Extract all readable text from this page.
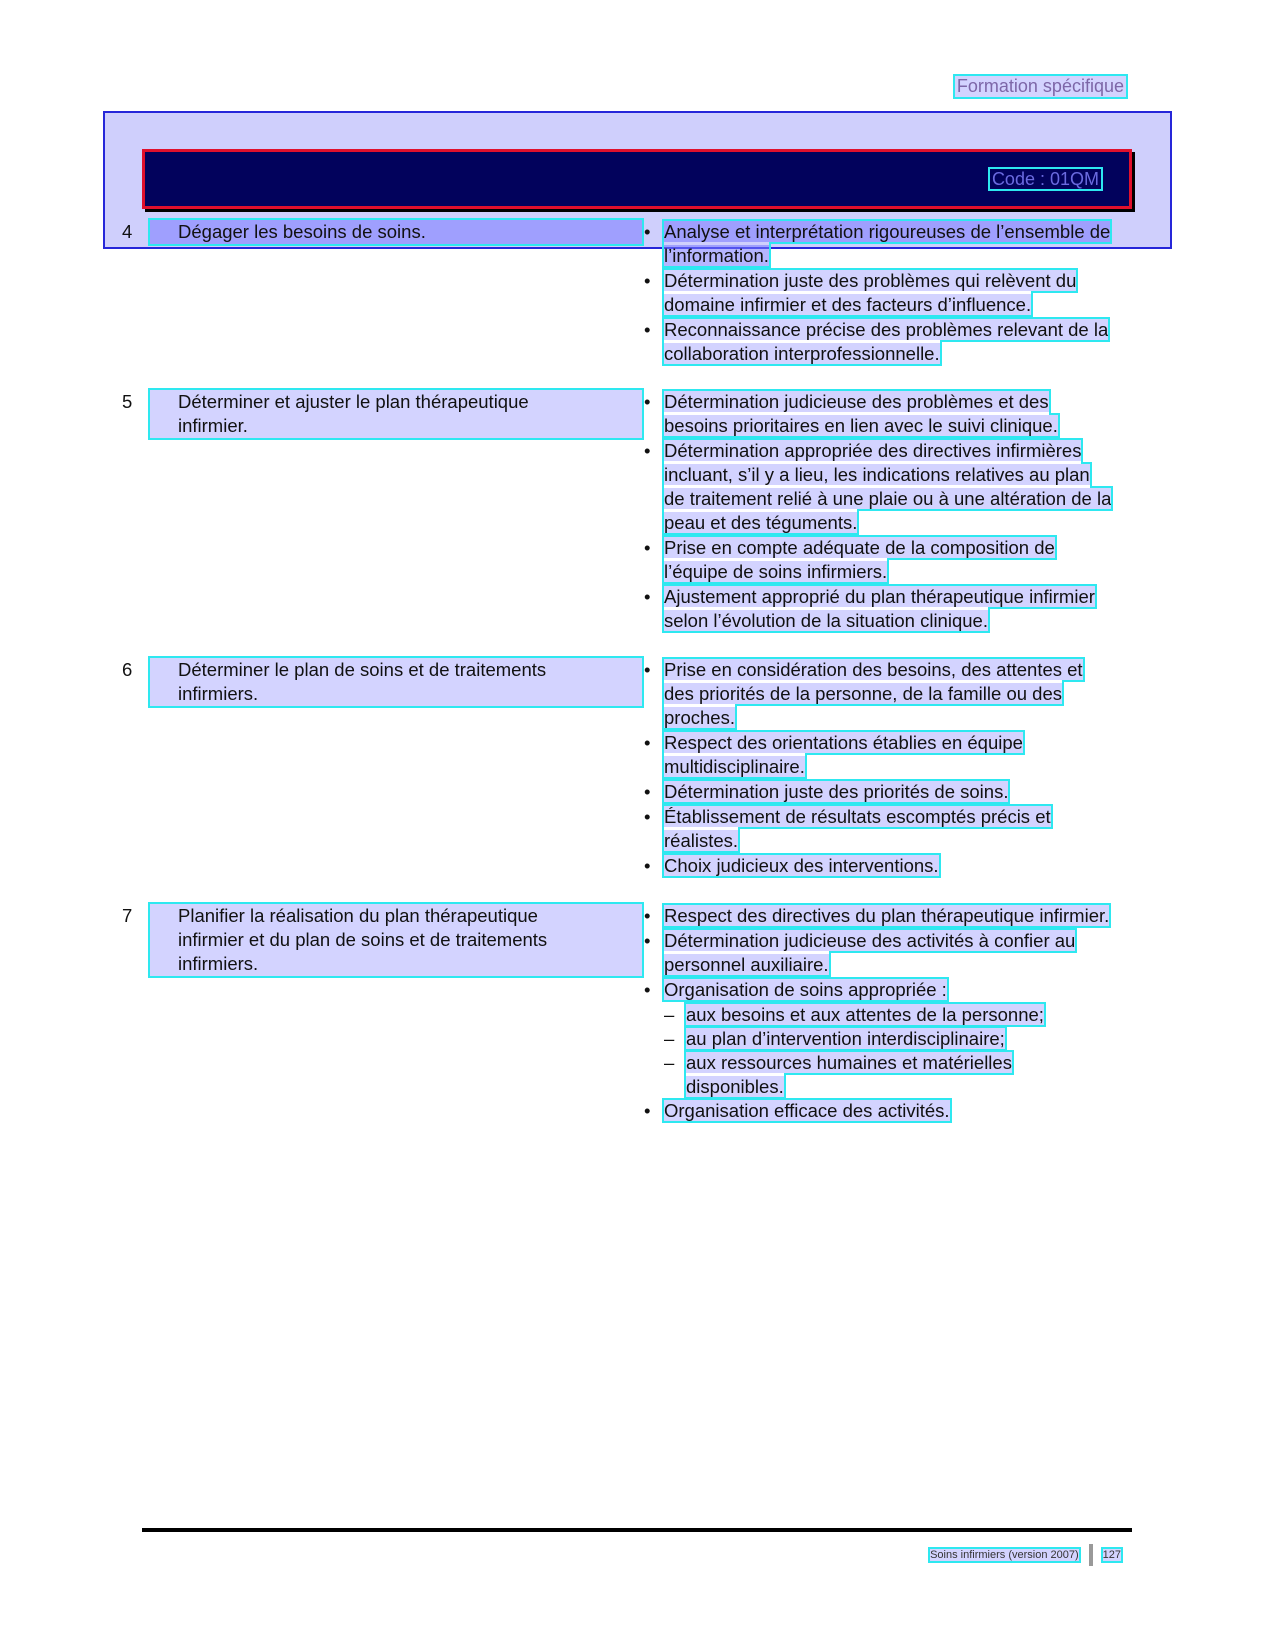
Formation spécifique
Code : 01QM
4 Dégager les besoins de soins.	• Analyse et interprétation rigoureuses de l’ensemble de l’information.
• Détermination juste des problèmes qui relèvent du domaine infirmier et des facteurs d’influence.
• Reconnaissance précise des problèmes relevant de la collaboration interprofessionnelle.
5 Déterminer et ajuster le plan thérapeutique
infirmier.
• Détermination judicieuse des problèmes et des besoins prioritaires en lien avec le suivi clinique.
• Détermination appropriée des directives infirmières incluant, s’il y a lieu, les indications relatives au plan de traitement relié à une plaie ou à une altération de la peau et des téguments.
• Prise en compte adéquate de la composition de l’équipe de soins infirmiers.
• Ajustement approprié du plan thérapeutique infirmier selon l’évolution de la situation clinique.
6 Déterminer le plan de soins et de traitements
infirmiers.
• Prise en considération des besoins, des attentes et des priorités de la personne, de la famille ou des proches.
• Respect des orientations établies en équipe multidisciplinaire.
• Détermination juste des priorités de soins.
• Établissement de résultats escomptés précis et réalistes.
• Choix judicieux des interventions.
7 Planifier la réalisation du plan thérapeutique
infirmier et du plan de soins et de traitements
infirmiers.
• Respect des directives du plan thérapeutique infirmier.
• Détermination judicieuse des activités à confier au personnel auxiliaire.
• Organisation de soins appropriée :
– aux besoins et aux attentes de la personne;
– au plan d’intervention interdisciplinaire;
– aux ressources humaines et matérielles disponibles.
• Organisation efficace des activités.
Soins infirmiers (version 2007) 127
